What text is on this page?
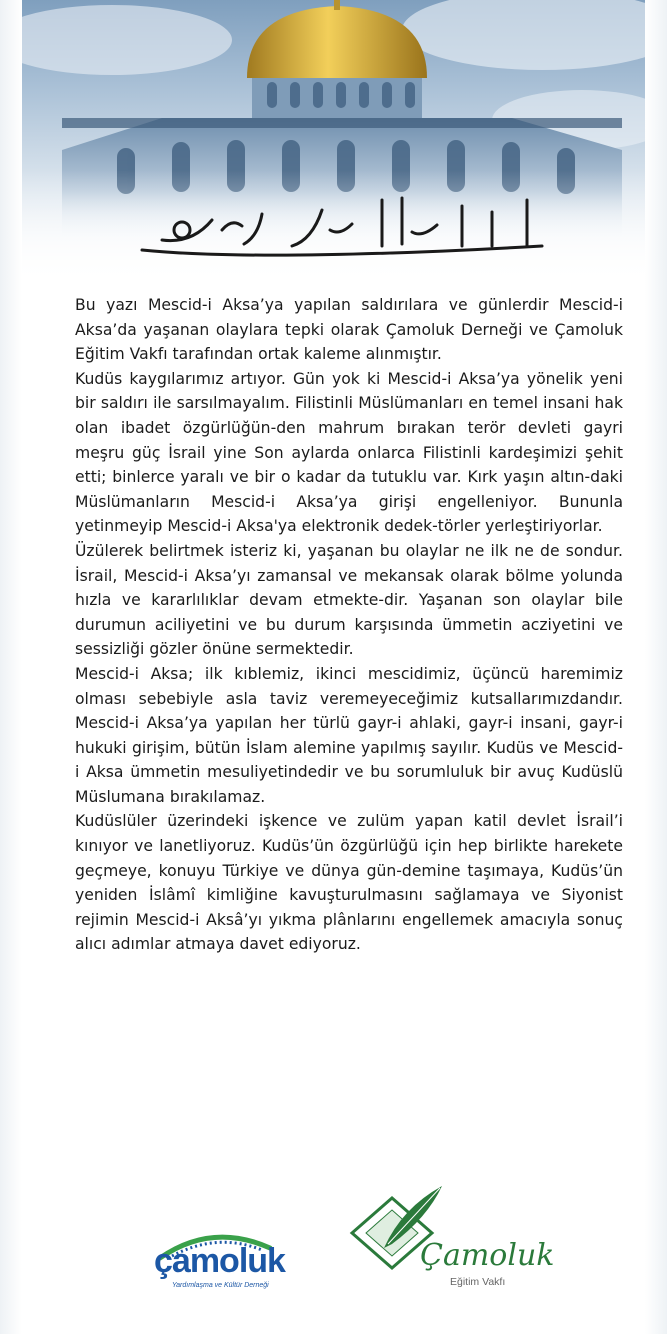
Bu yazı Mescid-i Aksa’ya yapılan saldırılara ve günlerdir Mescid-i Aksa’da yaşanan olaylara tepki olarak Çamoluk Derneği ve Çamoluk Eğitim Vakfı tarafından ortak kaleme alınmıştır.

Kudüs kaygılarımız artıyor. Gün yok ki Mescid-i Aksa’ya yönelik yeni bir saldırı ile sarsılmayalım. Filistinli Müslümanları en temel insani hak olan ibadet özgürlüğün-den mahrum bırakan terör devleti gayri meşru güç İsrail yine Son aylarda onlarca Filistinli kardeşimizi şehit etti; binlerce yaralı ve bir o kadar da tutuklu var. Kırk yaşın altın-daki Müslümanların Mescid-i Aksa’ya girişi engelleniyor. Bununla yetinmeyip Mescid-i Aksa'ya elektronik dedek-törler yerleştiriyorlar.

Üzülerek belirtmek isteriz ki, yaşanan bu olaylar ne ilk ne de sondur. İsrail, Mescid-i Aksa’yı zamansal ve mekansak olarak bölme yolunda hızla ve kararlılıklar devam etmekte-dir. Yaşanan son olaylar bile durumun aciliyetini ve bu durum karşısında ümmetin acziyetini ve sessizliği gözler önüne sermektedir.

Mescid-i Aksa; ilk kıblemiz, ikinci mescidimiz, üçüncü haremimiz olması sebebiyle asla taviz veremeyeceğimiz kutsallarımızdandır. Mescid-i Aksa’ya yapılan her türlü gayr-i ahlaki, gayr-i insani, gayr-i hukuki girişim, bütün İslam alemine yapılmış sayılır. Kudüs ve Mescid-i Aksa ümmetin mesuliyetindedir ve bu sorumluluk bir avuç Kudüslü Müslumana bırakılamaz.

Kudüslüler üzerindeki işkence ve zulüm yapan katil devlet İsrail’i kınıyor ve lanetliyoruz. Kudüs’ün özgürlüğü için hep birlikte harekete geçmeye, konuyu Türkiye ve dünya gün-demine taşımaya, Kudüs’ün yeniden İslâmî kimliğine kavuşturulmasını sağlamaya ve Siyonist rejimin Mescid-i Aksâ’yı yıkma plânlarını engellemek amacıyla sonuç alıcı adımlar atmaya davet ediyoruz.

çamoluk
Yardımlaşma ve Kültür Derneği
Çamoluk
Eğitim Vakfı
